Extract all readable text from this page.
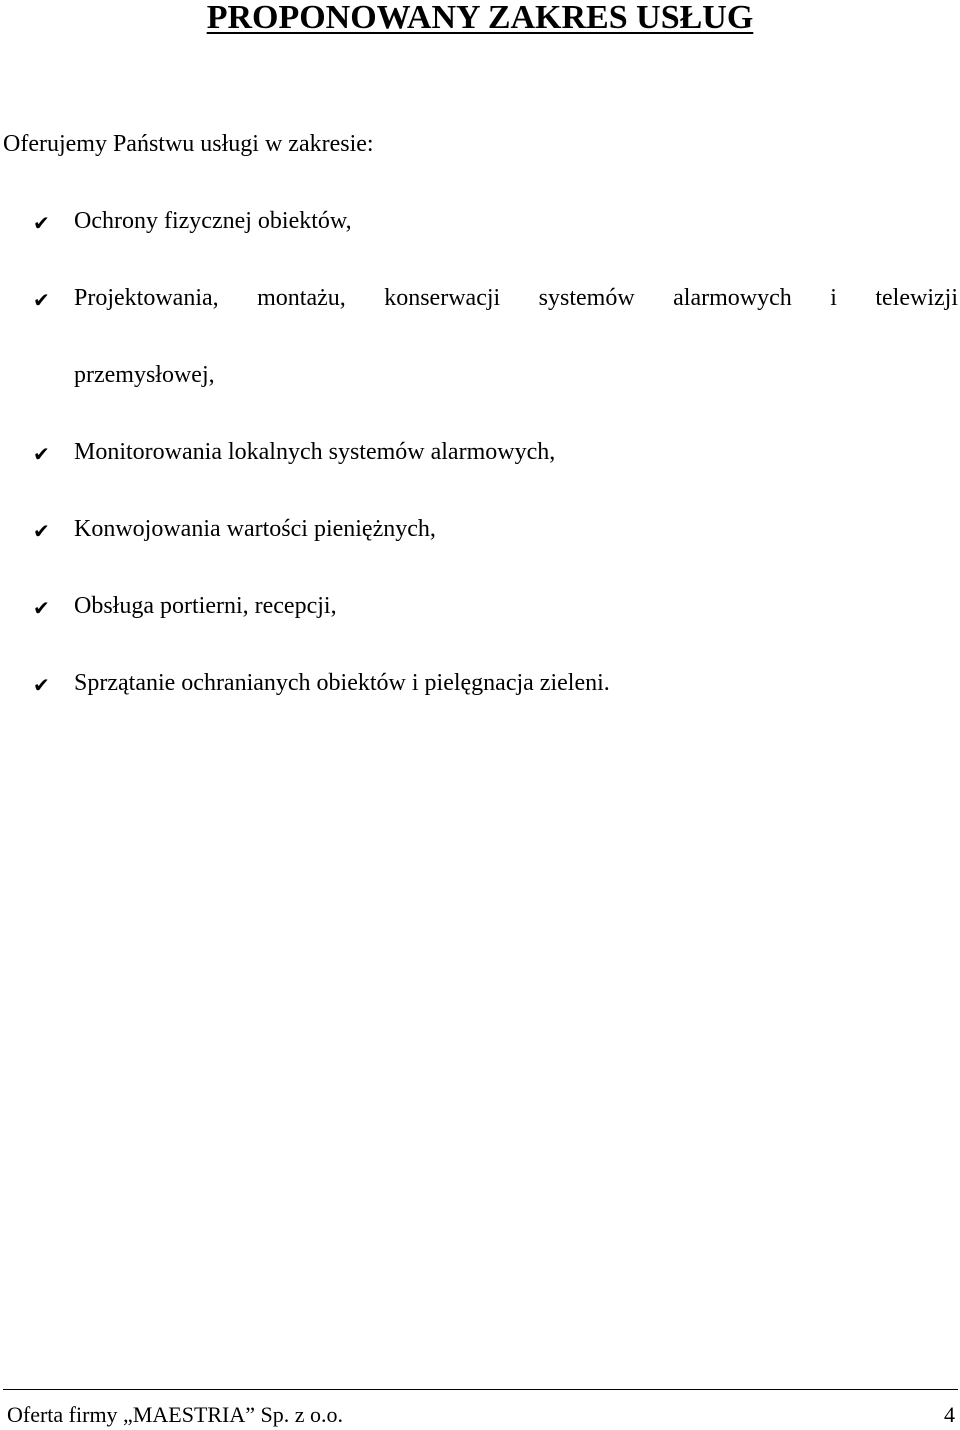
PROPONOWANY ZAKRES USŁUG

Oferujemy Państwu usługi w zakresie:

✔ Ochrony fizycznej obiektów,
✔ Projektowania, montażu, konserwacji systemów alarmowych i telewizji
przemysłowej,
✔ Monitorowania lokalnych systemów alarmowych,
✔ Konwojowania wartości pieniężnych,
✔ Obsługa portierni, recepcji,
✔ Sprzątanie ochranianych obiektów i pielęgnacja zieleni.
Oferta firmy „MAESTRIA” Sp. z o.o.	4
